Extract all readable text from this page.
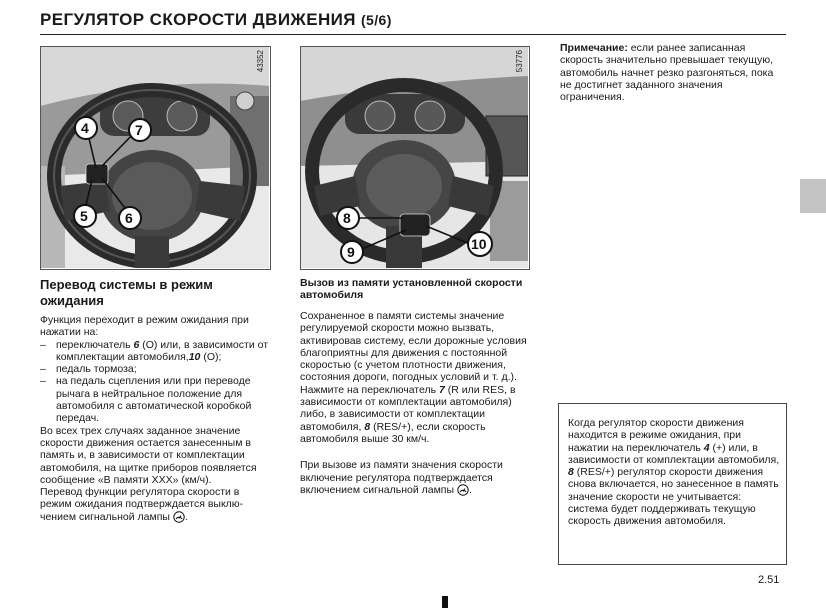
РЕГУЛЯТОР СКОРОСТИ ДВИЖЕНИЯ (5/6)
4	7
5	6
43352
8
9	10
53776
Перевод системы в режим ожидания

Функция переходит в режим ожидания при нажатии на:

– переключатель 6 (O) или, в зависимости от комплектации автомобиля,10 (O);
– педаль тормоза;
– на педаль сцепления или при переводе рычага в нейтральное положение для автомобиля с автоматической коробкой передач.

Во всех трех случаях заданное значение скорости движения остается занесенным в память и, в зависимости от комплектации автомобиля, на щитке приборов появляется сообщение «В памяти XXX» (км/ч).

Перевод функции регулятора скорости в режим ожидания подтверждается выключением сигнальной лампы .

Вызов из памяти установленной скорости автомобиля

Сохраненное в памяти системы значение регулируемой скорости можно вызвать, активировав систему, если дорожные условия благоприятны для движения с постоянной скоростью (с учетом плотности движения, состояния дороги, погодных условий и т. д.). Нажмите на переключатель 7 (R или RES, в зависимости от комплектации автомобиля) либо, в зависимости от комплектации автомобиля, 8 (RES/+), если скорость автомобиля выше 30 км/ч.

При вызове из памяти значения скорости включение регулятора подтверждается включением сигнальной лампы .

Примечание: если ранее записанная скорость значительно превышает текущую, автомобиль начнет резко разгоняться, пока не достигнет заданного значения ограничения.
Когда регулятор скорости движения находится в режиме ожидания, при нажатии на переключатель 4 (+) или, в зависимости от комплектации автомобиля, 8 (RES/+) регулятор скорости движения снова включается, но занесенное в память значение скорости не учитывается: система будет поддерживать текущую скорость движения автомобиля.
2.51
